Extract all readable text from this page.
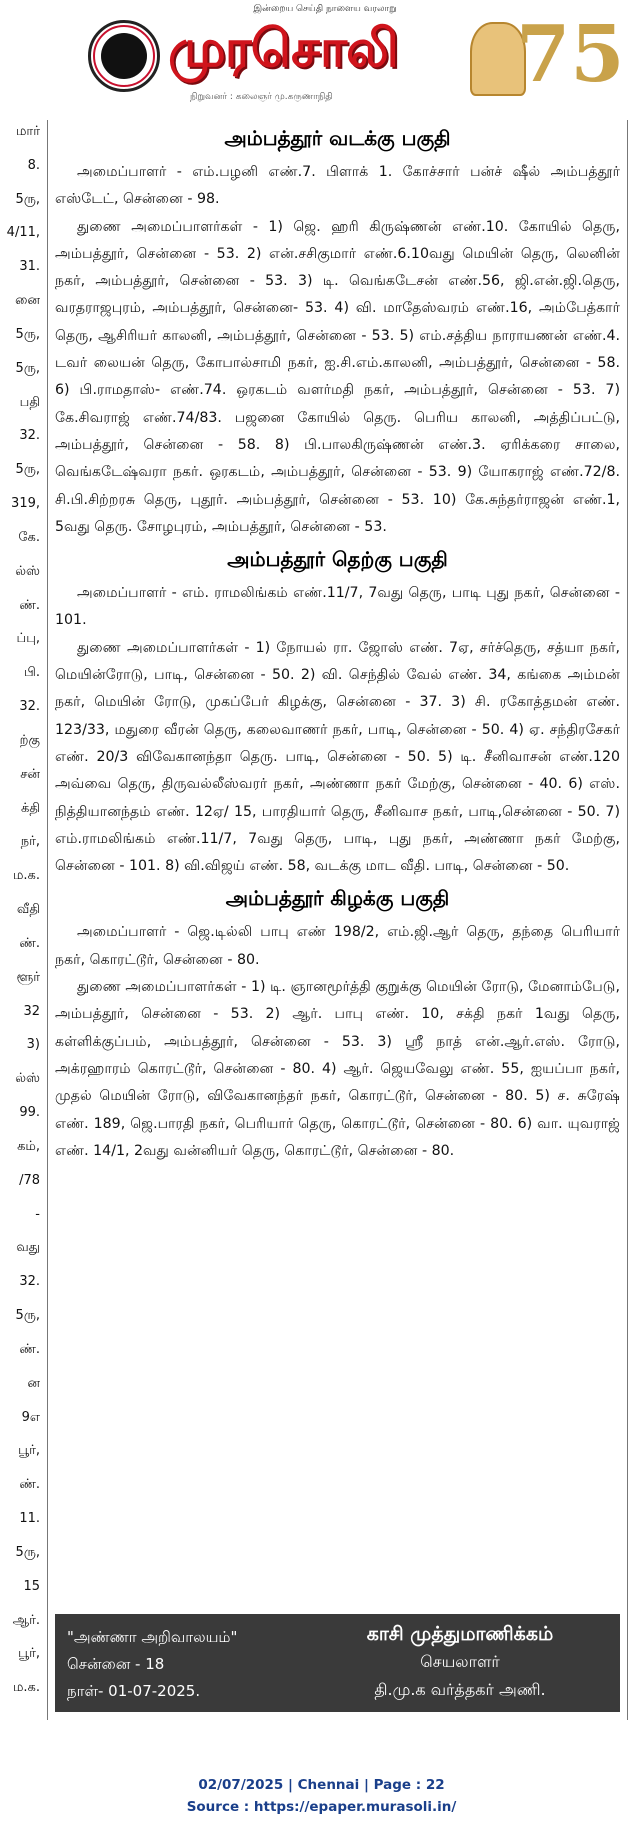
இன்றைய செய்தி நாளைய வரலாறு
முரசொலி
நிறுவனர் : கலைஞர் மு.கருணாநிதி 75
மார்
8.
5ரு,
4/11,
31.
னை
5ரு,
5ரு,
பதி
32.
5ரு,
319,
கே.
ல்ஸ்
ண்.
ப்பு,
பி.
32.
ற்கு
சன்
க்தி
நர்,
ம.க.
வீதி
ண்.
ளூர்
32
3)
ல்ஸ்
99.
கம்,
/78
-
வது
32.
5ரு,
ண்.
ன
9எ
பூர்,
ண்.
11.
5ரு,
15
ஆர்.
பூர்,
ம.க.
அம்பத்தூர் வடக்கு பகுதி

அமைப்பாளர் - எம்.பழனி எண்.7. பிளாக் 1. கோச்சார் பன்ச் ஷீல் அம்பத்தூர் எஸ்டேட், சென்னை - 98.

துணை அமைப்பாளர்கள் - 1) ஜெ. ஹரி கிருஷ்ணன் எண்.10. கோயில் தெரு, அம்பத்தூர், சென்னை - 53. 2) என்.சசிகுமார் எண்.6.10வது மெயின் தெரு, லெனின் நகர், அம்பத்தூர், சென்னை - 53. 3) டி. வெங்கடேசன் எண்.56, ஜி.என்.ஜி.தெரு, வரதராஜபுரம், அம்பத்தூர், சென்னை- 53. 4) வி. மாதேஸ்வரம் எண்.16, அம்பேத்கார் தெரு, ஆசிரியர் காலனி, அம்பத்தூர், சென்னை - 53. 5) எம்.சத்திய நாராயணன் எண்.4. டவர் லையன் தெரு, கோபால்சாமி நகர், ஐ.சி.எம்.காலனி, அம்பத்தூர், சென்னை - 58. 6) பி.ராமதாஸ்- எண்.74. ஒரகடம் வளர்மதி நகர், அம்பத்தூர், சென்னை - 53. 7) கே.சிவராஜ் எண்.74/83. பஜனை கோயில் தெரு. பெரிய காலனி, அத்திப்பட்டு, அம்பத்தூர், சென்னை - 58. 8) பி.பாலகிருஷ்ணன் எண்.3. ஏரிக்கரை சாலை, வெங்கடேஷ்வரா நகர். ஒரகடம், அம்பத்தூர், சென்னை - 53. 9) யோகராஜ் எண்.72/8. சி.பி.சிற்றரசு தெரு, புதூர். அம்பத்தூர், சென்னை - 53. 10) கே.சுந்தர்ராஜன் எண்.1, 5வது தெரு. சோழபுரம், அம்பத்தூர், சென்னை - 53.

அம்பத்தூர் தெற்கு பகுதி

அமைப்பாளர் - எம். ராமலிங்கம் எண்.11/7, 7வது தெரு, பாடி புது நகர், சென்னை - 101.

துணை அமைப்பாளர்கள் - 1) நோயல் ரா. ஜோஸ் எண். 7ஏ, சர்ச்தெரு, சத்யா நகர், மெயின்ரோடு, பாடி, சென்னை - 50. 2) வி. செந்தில் வேல் எண். 34, கங்கை அம்மன் நகர், மெயின் ரோடு, முகப்பேர் கிழக்கு, சென்னை - 37. 3) சி. ரகோத்தமன் எண். 123/33, மதுரை வீரன் தெரு, கலைவாணர் நகர், பாடி, சென்னை - 50. 4) ஏ. சந்திரசேகர் எண். 20/3 விவேகானந்தா தெரு. பாடி, சென்னை - 50. 5) டி. சீனிவாசன் எண்.120 அவ்வை தெரு, திருவல்லீஸ்வரர் நகர், அண்ணா நகர் மேற்கு, சென்னை - 40. 6) எஸ். நித்தியானந்தம் எண். 12ஏ/ 15, பாரதியார் தெரு, சீனிவாச நகர், பாடி,சென்னை - 50. 7) எம்.ராமலிங்கம் எண்.11/7, 7வது தெரு, பாடி, புது நகர், அண்ணா நகர் மேற்கு, சென்னை - 101. 8) வி.விஜய் எண். 58, வடக்கு மாட வீதி. பாடி, சென்னை - 50.

அம்பத்தூர் கிழக்கு பகுதி

அமைப்பாளர் - ஜெ.டில்லி பாபு எண் 198/2, எம்.ஜி.ஆர் தெரு, தந்தை பெரியார் நகர், கொரட்டூர், சென்னை - 80.

துணை அமைப்பாளர்கள் - 1) டி. ஞானமூர்த்தி குறுக்கு மெயின் ரோடு, மேனாம்பேடு, அம்பத்தூர், சென்னை - 53. 2) ஆர். பாபு எண். 10, சக்தி நகர் 1வது தெரு, கள்ளிக்குப்பம், அம்பத்தூர், சென்னை - 53. 3) ஸ்ரீ நாத் என்.ஆர்.எஸ். ரோடு, அக்ரஹாரம் கொரட்டூர், சென்னை - 80. 4) ஆர். ஜெயவேலு எண். 55, ஐயப்பா நகர், முதல் மெயின் ரோடு, விவேகானந்தர் நகர், கொரட்டூர், சென்னை - 80. 5) ச. சுரேஷ் எண். 189, ஜெ.பாரதி நகர், பெரியார் தெரு, கொரட்டூர், சென்னை - 80. 6) வா. யுவராஜ் எண். 14/1, 2வது வன்னியர் தெரு, கொரட்டூர், சென்னை - 80.

"அண்ணா அறிவாலயம்"
சென்னை - 18
நாள்- 01-07-2025.
காசி முத்துமாணிக்கம்
செயலாளர்
தி.மு.க வர்த்தகர் அணி.
02/07/2025 | Chennai | Page : 22
Source : https://epaper.murasoli.in/
